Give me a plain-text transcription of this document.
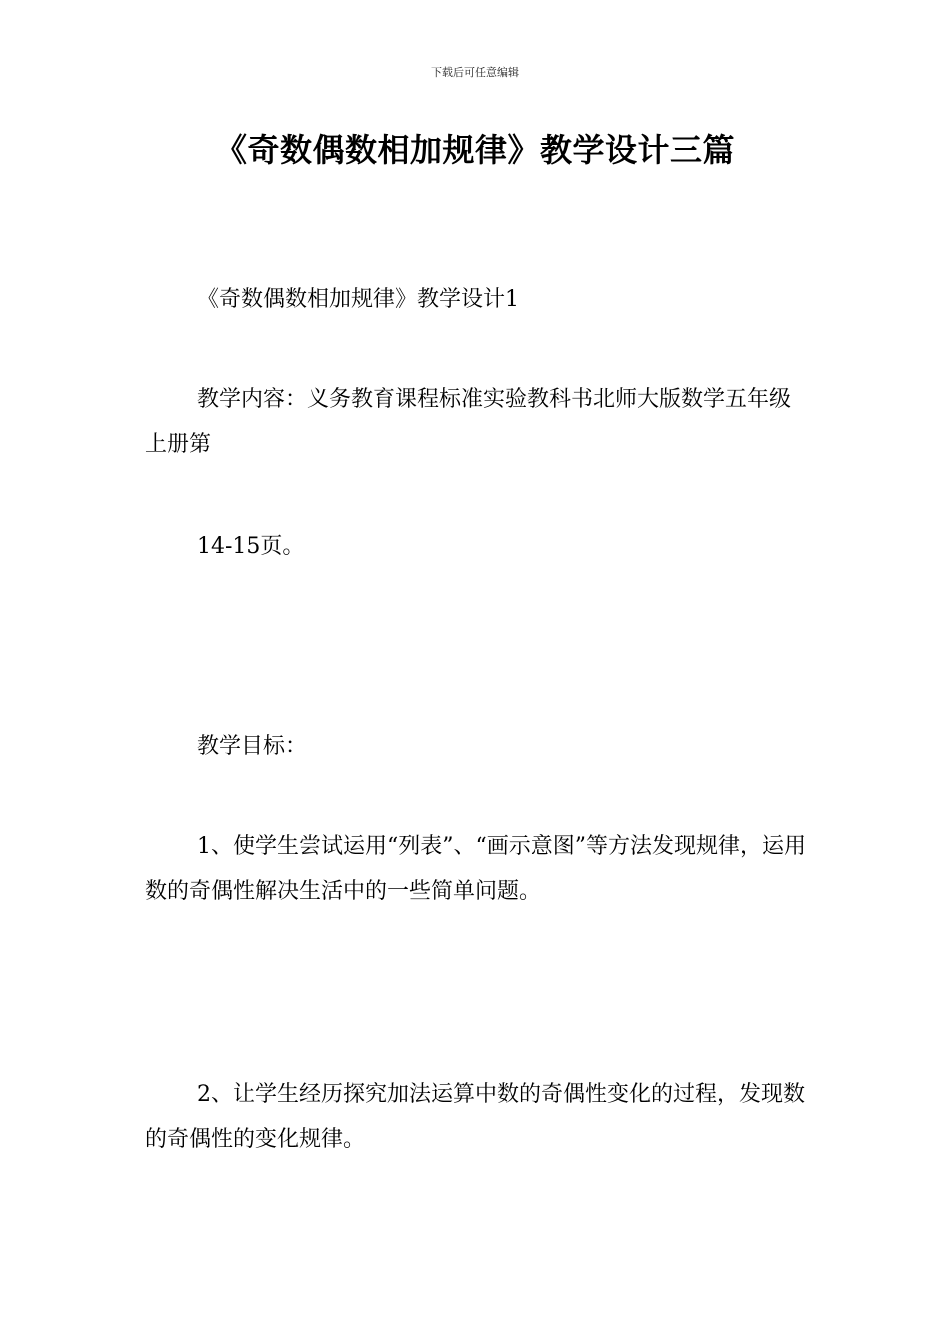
下载后可任意编辑
《奇数偶数相加规律》教学设计三篇

《奇数偶数相加规律》教学设计1

教学内容：义务教育课程标准实验教科书北师大版数学五年级上册第

14-15页。

教学目标：

1、使学生尝试运用“列表”、“画示意图”等方法发现规律，运用数的奇偶性解决生活中的一些简单问题。

2、让学生经历探究加法运算中数的奇偶性变化的过程，发现数的奇偶性的变化规律。
